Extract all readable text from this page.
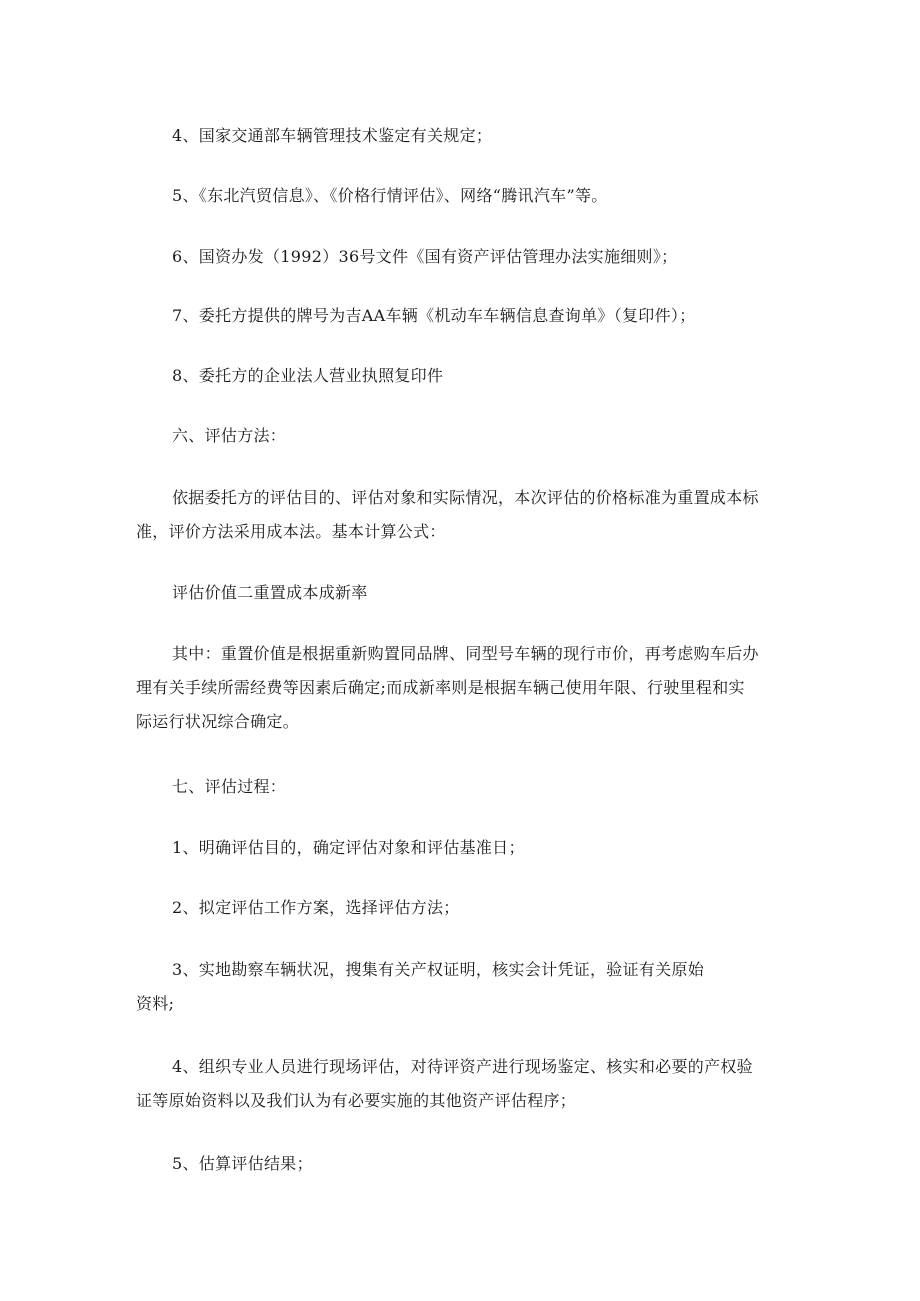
4、国家交通部车辆管理技术鉴定有关规定；
5、《东北汽贸信息》、《价格行情评估》、网络“腾讯汽车”等。
6、国资办发（1992）36号文件《国有资产评估管理办法实施细则》；
7、委托方提供的牌号为吉AA车辆《机动车车辆信息查询单》（复印件）；
8、委托方的企业法人营业执照复印件
六、评估方法：
依据委托方的评估目的、评估对象和实际情况，本次评估的价格标准为重置成本标
准，评价方法采用成本法。基本计算公式：
评估价值二重置成本成新率
其中：重置价值是根据重新购置同品牌、同型号车辆的现行市价，再考虑购车后办
理有关手续所需经费等因素后确定;而成新率则是根据车辆己使用年限、行驶里程和实
际运行状况综合确定。
七、评估过程：
1、明确评估目的，确定评估对象和评估基准日；
2、拟定评估工作方案，选择评估方法；
3、实地勘察车辆状况，搜集有关产权证明，核实会计凭证，验证有关原始
资料;
4、组织专业人员进行现场评估，对待评资产进行现场鉴定、核实和必要的产权验
证等原始资料以及我们认为有必要实施的其他资产评估程序；
5、估算评估结果；
